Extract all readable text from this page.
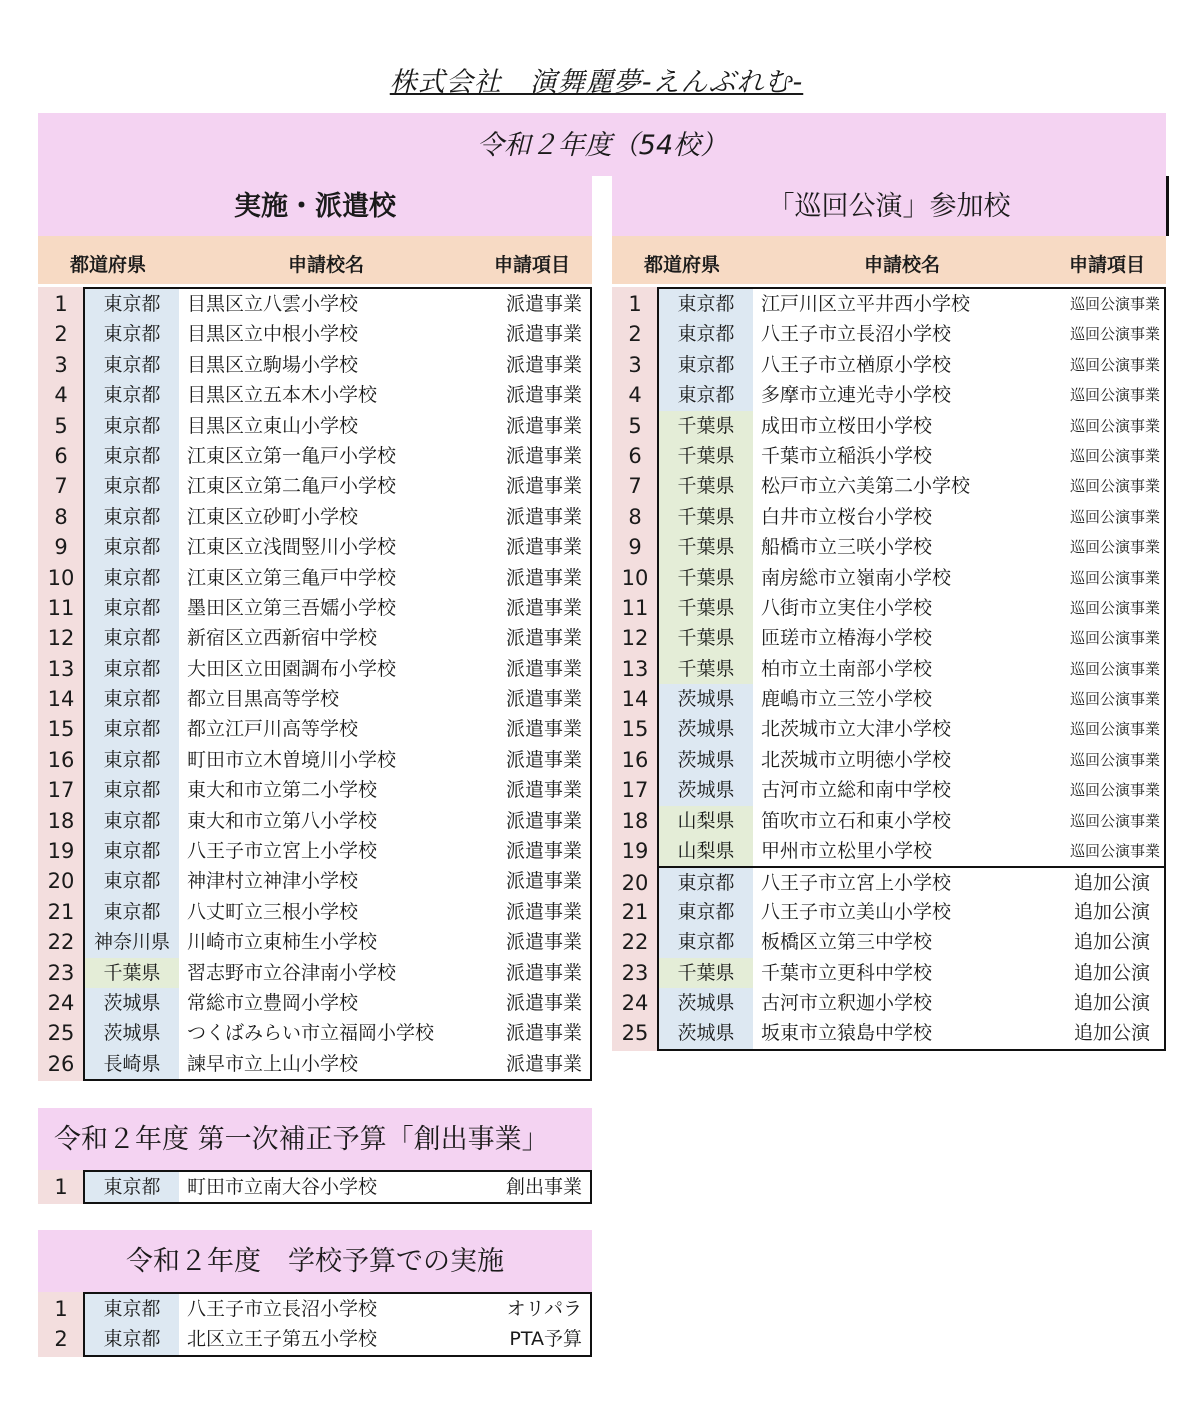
株式会社　演舞麗夢-えんぶれむ-
令和２年度（54校）
実施・派遣校
都道府県	申請校名	申請項目
1	東京都	目黒区立八雲小学校	派遣事業
2	東京都	目黒区立中根小学校	派遣事業
3	東京都	目黒区立駒場小学校	派遣事業
4	東京都	目黒区立五本木小学校	派遣事業
5	東京都	目黒区立東山小学校	派遣事業
6	東京都	江東区立第一亀戸小学校	派遣事業
7	東京都	江東区立第二亀戸小学校	派遣事業
8	東京都	江東区立砂町小学校	派遣事業
9	東京都	江東区立浅間竪川小学校	派遣事業
10	東京都	江東区立第三亀戸中学校	派遣事業
11	東京都	墨田区立第三吾嬬小学校	派遣事業
12	東京都	新宿区立西新宿中学校	派遣事業
13	東京都	大田区立田園調布小学校	派遣事業
14	東京都	都立目黒高等学校	派遣事業
15	東京都	都立江戸川高等学校	派遣事業
16	東京都	町田市立木曽境川小学校	派遣事業
17	東京都	東大和市立第二小学校	派遣事業
18	東京都	東大和市立第八小学校	派遣事業
19	東京都	八王子市立宮上小学校	派遣事業
20	東京都	神津村立神津小学校	派遣事業
21	東京都	八丈町立三根小学校	派遣事業
22	神奈川県 川崎市立東柿生小学校	派遣事業
23	千葉県	習志野市立谷津南小学校	派遣事業
24	茨城県	常総市立豊岡小学校	派遣事業
25	茨城県	つくばみらい市立福岡小学校	派遣事業
26	長崎県	諫早市立上山小学校	派遣事業
「巡回公演」参加校
都道府県	申請校名	申請項目
1	東京都	江戸川区立平井西小学校	巡回公演事業
2	東京都	八王子市立長沼小学校	巡回公演事業
3	東京都	八王子市立楢原小学校	巡回公演事業
4	東京都	多摩市立連光寺小学校	巡回公演事業
5	千葉県	成田市立桜田小学校	巡回公演事業
6	千葉県	千葉市立稲浜小学校	巡回公演事業
7	千葉県	松戸市立六美第二小学校	巡回公演事業
8	千葉県	白井市立桜台小学校	巡回公演事業
9	千葉県	船橋市立三咲小学校	巡回公演事業
10	千葉県	南房総市立嶺南小学校	巡回公演事業
11	千葉県	八街市立実住小学校	巡回公演事業
12	千葉県	匝瑳市立椿海小学校	巡回公演事業
13	千葉県	柏市立土南部小学校	巡回公演事業
14	茨城県	鹿嶋市立三笠小学校	巡回公演事業
15	茨城県	北茨城市立大津小学校	巡回公演事業
16	茨城県	北茨城市立明徳小学校	巡回公演事業
17	茨城県	古河市立総和南中学校	巡回公演事業
18	山梨県	笛吹市立石和東小学校	巡回公演事業
19	山梨県	甲州市立松里小学校	巡回公演事業
20	東京都	八王子市立宮上小学校	追加公演
21	東京都	八王子市立美山小学校	追加公演
22	東京都	板橋区立第三中学校	追加公演
23	千葉県	千葉市立更科中学校	追加公演
24	茨城県	古河市立釈迦小学校	追加公演
25	茨城県	坂東市立猿島中学校	追加公演
令和２年度 第一次補正予算「創出事業」
1	東京都	町田市立南大谷小学校	創出事業
令和２年度　学校予算での実施
1	東京都	八王子市立長沼小学校	オリパラ
2	東京都	北区立王子第五小学校	PTA予算
